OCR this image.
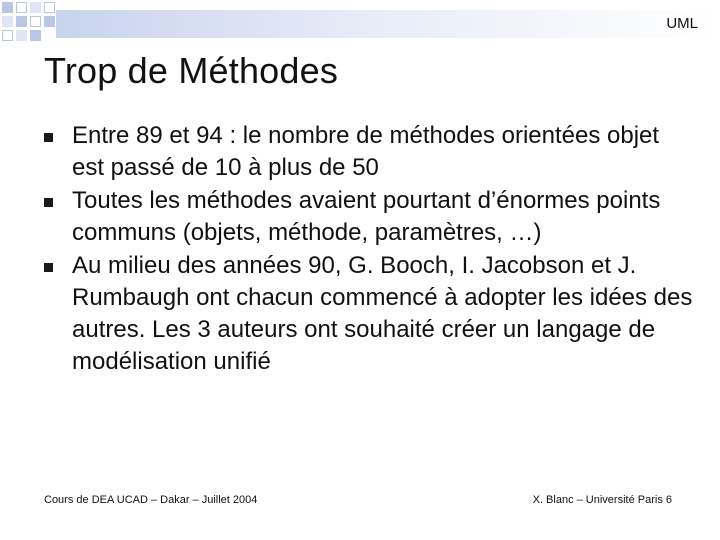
UML
Trop de Méthodes
Entre 89 et 94 : le nombre de méthodes orientées objet est passé de 10 à plus de 50
Toutes les méthodes avaient pourtant d’énormes points communs (objets, méthode, paramètres, …)
Au milieu des années 90, G. Booch, I. Jacobson et J. Rumbaugh ont chacun commencé à adopter les idées des autres. Les 3 auteurs ont souhaité créer un langage de modélisation unifié
Cours de DEA UCAD – Dakar – Juillet 2004	X. Blanc – Université Paris 6
